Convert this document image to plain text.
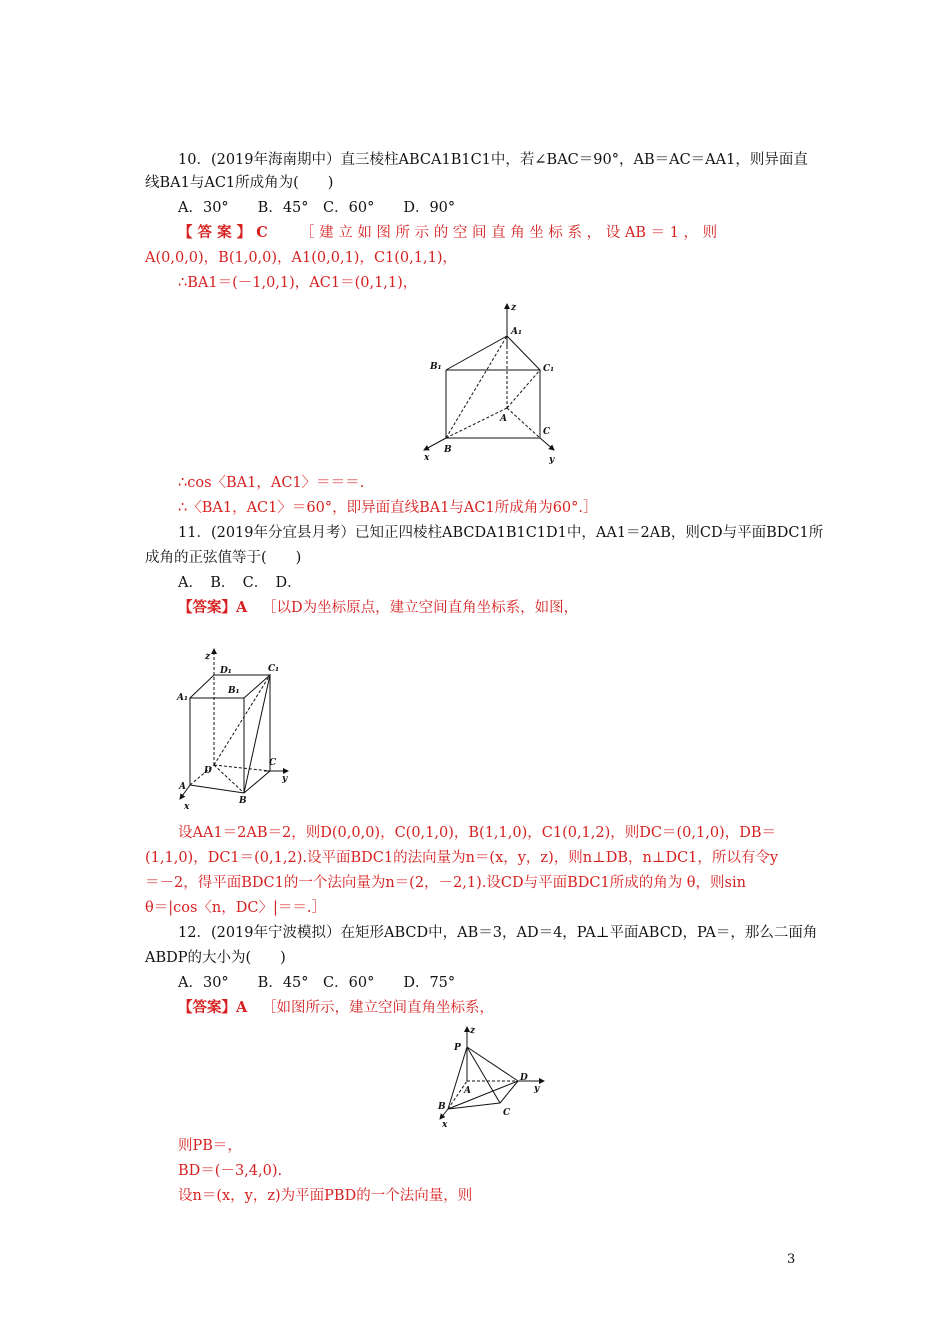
10．(2019年海南期中）直三棱柱ABCA1B1C1中，若∠BAC＝90°，AB＝AC＝AA1，则异面直
线BA1与AC1所成角为(　　)
A．30°　　B．45°　C．60°　　D．90°
【 答 案 】 C ［ 建 立 如 图 所 示 的 空 间 直 角 坐 标 系 ， 设 AB ＝ 1 ， 则
A(0,0,0)，B(1,0,0)，A1(0,0,1)，C1(0,1,1)，
∴BA1＝(－1,0,1)，AC1＝(0,1,1)，
z
A₁
B₁	C₁
A
C
B
x	y
∴cos〈BA1，AC1〉＝＝＝.
∴〈BA1，AC1〉＝60°，即异面直线BA1与AC1所成角为60°.］
11．(2019年分宜县月考）已知正四棱柱ABCDA1B1C1D1中，AA1＝2AB，则CD与平面BDC1所
成角的正弦值等于(　　)
A．　B．　C．　D．
【答案】A ［以D为坐标原点，建立空间直角坐标系，如图，
z
D₁	C₁
A₁
B₁
D
C
y
A
B
x
设AA1＝2AB＝2，则D(0,0,0)，C(0,1,0)，B(1,1,0)，C1(0,1,2)，则DC＝(0,1,0)，DB＝
(1,1,0)，DC1＝(0,1,2).设平面BDC1的法向量为n＝(x，y，z)，则n⊥DB，n⊥DC1，所以有令y
＝－2，得平面BDC1的一个法向量为n＝(2，－2,1).设CD与平面BDC1所成的角为 θ，则sin
θ＝|cos〈n，DC〉|＝＝.］
12．(2019年宁波模拟）在矩形ABCD中，AB＝3，AD＝4，PA⊥平面ABCD，PA＝，那么二面角
ABDP的大小为(　　)
A．30°　　B．45°　C．60°　　D．75°
【答案】A ［如图所示，建立空间直角坐标系，
z
P
D
A	y
B
C
x
则PB＝，
BD＝(－3,4,0).
设n＝(x，y，z)为平面PBD的一个法向量，则
3
